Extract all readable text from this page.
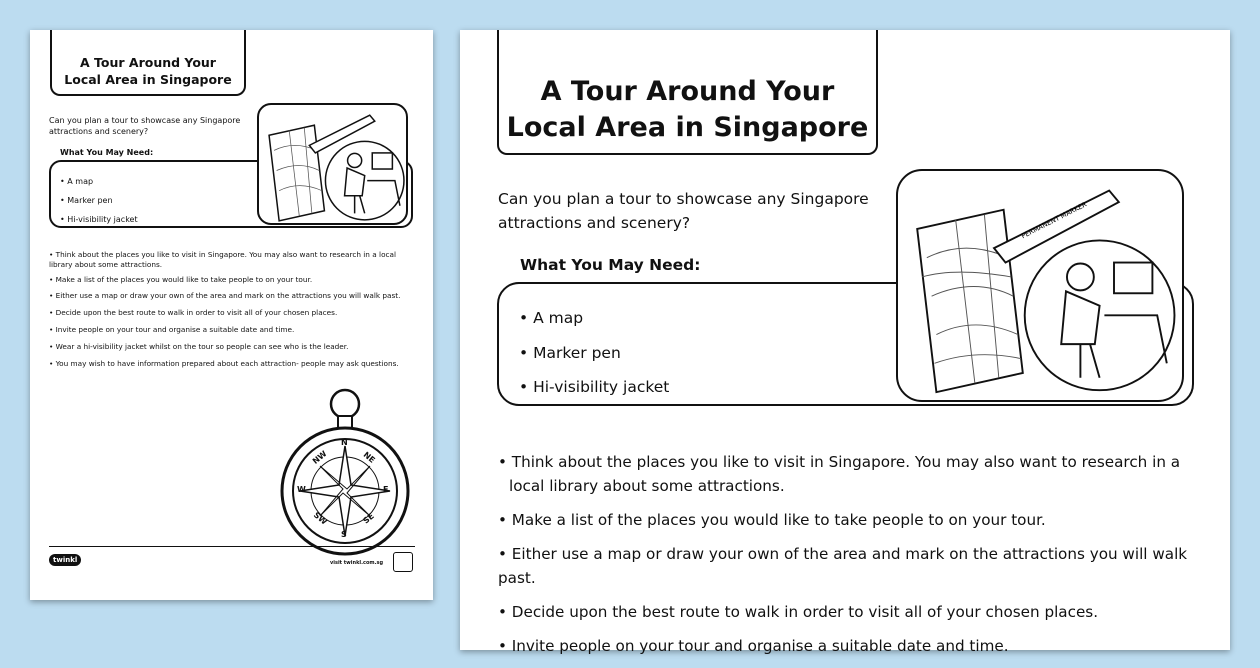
A Tour Around Your
Local Area in Singapore
Can you plan a tour to showcase any Singapore attractions and scenery?
What You May Need:
• A map
• Marker pen
• Hi-visibility jacket
• Think about the places you like to visit in Singapore. You may also want to research in a local library about some attractions.
• Make a list of the places you would like to take people to on your tour.
• Either use a map or draw your own of the area and mark on the attractions you will walk past.
• Decide upon the best route to walk in order to visit all of your chosen places.
• Invite people on your tour and organise a suitable date and time.
• Wear a hi-visibility jacket whilst on the tour so people can see who is the leader.
• You may wish to have information prepared about each attraction- people may ask questions.
N
NE
E
SE
S
SW
W
NW
twinkl	visit twinkl.com.sg
A Tour Around Your
Local Area in Singapore
Can you plan a tour to showcase any Singapore attractions and scenery?
What You May Need:
• A map
• Marker pen
• Hi-visibility jacket
PERMANENT MARKER
• Think about the places you like to visit in Singapore. You may also want to research in a local library about some attractions.
• Make a list of the places you would like to take people to on your tour.
• Either use a map or draw your own of the area and mark on the attractions you will walk past.
• Decide upon the best route to walk in order to visit all of your chosen places.
• Invite people on your tour and organise a suitable date and time.
